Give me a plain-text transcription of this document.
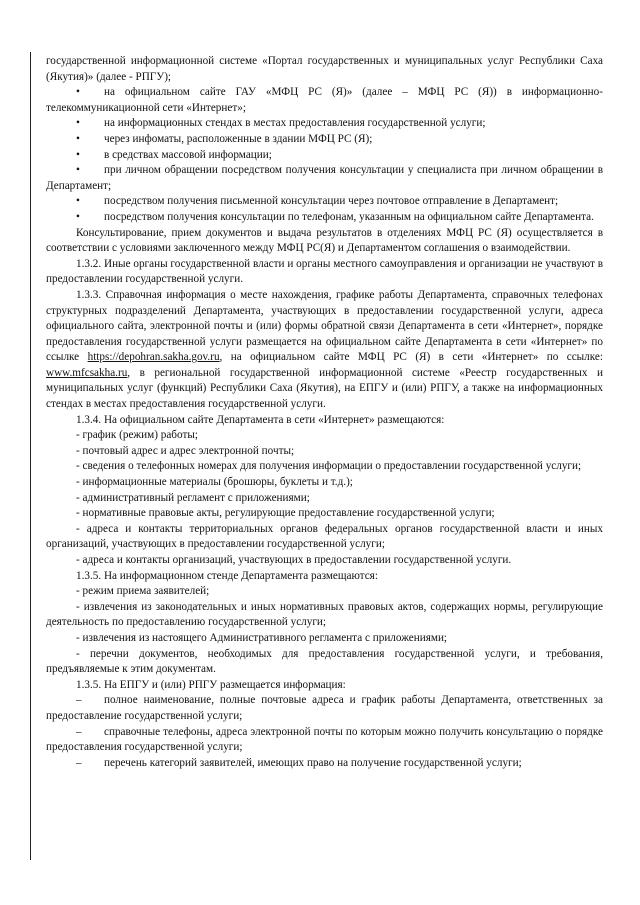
государственной информационной системе «Портал государственных и муниципальных услуг Республики Саха (Якутия)» (далее - РПГУ);
• на официальном сайте ГАУ «МФЦ РС (Я)» (далее – МФЦ РС (Я)) в информационно-телекоммуникационной сети «Интернет»;
• на информационных стендах в местах предоставления государственной услуги;
• через инфоматы, расположенные в здании МФЦ РС (Я);
• в средствах массовой информации;
• при личном обращении посредством получения консультации у специалиста при личном обращении в Департамент;
• посредством получения письменной консультации через почтовое отправление в Департамент;
• посредством получения консультации по телефонам, указанным на официальном сайте Департамента.
Консультирование, прием документов и выдача результатов в отделениях МФЦ РС (Я) осуществляется в соответствии с условиями заключенного между МФЦ РС(Я) и Департаментом соглашения о взаимодействии.
1.3.2. Иные органы государственной власти и органы местного самоуправления и организации не участвуют в предоставлении государственной услуги.
1.3.3. Справочная информация о месте нахождения, графике работы Департамента, справочных телефонах структурных подразделений Департамента, участвующих в предоставлении государственной услуги, адреса официального сайта, электронной почты и (или) формы обратной связи Департамента в сети «Интернет», порядке предоставления государственной услуги размещается на официальном сайте Департамента в сети «Интернет» по ссылке https://depohran.sakha.gov.ru, на официальном сайте МФЦ РС (Я) в сети «Интернет» по ссылке: www.mfcsakha.ru, в региональной государственной информационной системе «Реестр государственных и муниципальных услуг (функций) Республики Саха (Якутия), на ЕПГУ и (или) РПГУ, а также на информационных стендах в местах предоставления государственной услуги.
1.3.4. На официальном сайте Департамента в сети «Интернет» размещаются:
- график (режим) работы;
- почтовый адрес и адрес электронной почты;
- сведения о телефонных номерах для получения информации о предоставлении государственной услуги;
- информационные материалы (брошюры, буклеты и т.д.);
- административный регламент с приложениями;
- нормативные правовые акты, регулирующие предоставление государственной услуги;
- адреса и контакты территориальных органов федеральных органов государственной власти и иных организаций, участвующих в предоставлении государственной услуги;
- адреса и контакты организаций, участвующих в предоставлении государственной услуги.
1.3.5. На информационном стенде Департамента размещаются:
- режим приема заявителей;
- извлечения из законодательных и иных нормативных правовых актов, содержащих нормы, регулирующие деятельность по предоставлению государственной услуги;
- извлечения из настоящего Административного регламента с приложениями;
- перечни документов, необходимых для предоставления государственной услуги, и требования, предъявляемые к этим документам.
1.3.5. На ЕПГУ и (или) РПГУ размещается информация:
– полное наименование, полные почтовые адреса и график работы Департамента, ответственных за предоставление государственной услуги;
– справочные телефоны, адреса электронной почты по которым можно получить консультацию о порядке предоставления государственной услуги;
– перечень категорий заявителей, имеющих право на получение государственной услуги;
